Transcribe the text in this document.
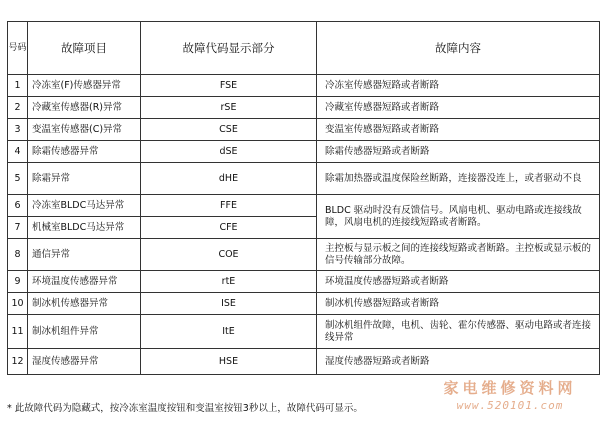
号码	故障项目	故障代码显示部分	故障内容
1	冷冻室(F)传感器异常	FSE	冷冻室传感器短路或者断路
2	冷藏室传感器(R)异常	rSE	冷藏室传感器短路或者断路
3	变温室传感器(C)异常	CSE	变温室传感器短路或者断路
4	除霜传感器异常	dSE	除霜传感器短路或者断路
5	除霜异常	dHE	除霜加热器或温度保险丝断路，连接器没连上，或者驱动不良
6	冷冻室BLDC马达异常	FFE	BLDC 驱动时没有反馈信号。风扇电机、驱动电路或连接线故障，风扇电机的连接线短路或者断路。
7	机械室BLDC马达异常	CFE	
8	通信异常	COE	主控板与显示板之间的连接线短路或者断路。主控板或显示板的信号传输部分故障。
9	环境温度传感器异常	rtE	环境温度传感器短路或者断路
10	制冰机传感器异常	ISE	制冰机传感器短路或者断路
11	制冰机组件异常	ItE	制冰机组件故障，电机、齿轮、霍尔传感器、驱动电路或者连接线异常
12	湿度传感器异常	HSE	湿度传感器短路或者断路
家电维修资料网
www.520101.com
* 此故障代码为隐藏式，按冷冻室温度按钮和变温室按钮3秒以上，故障代码可显示。
